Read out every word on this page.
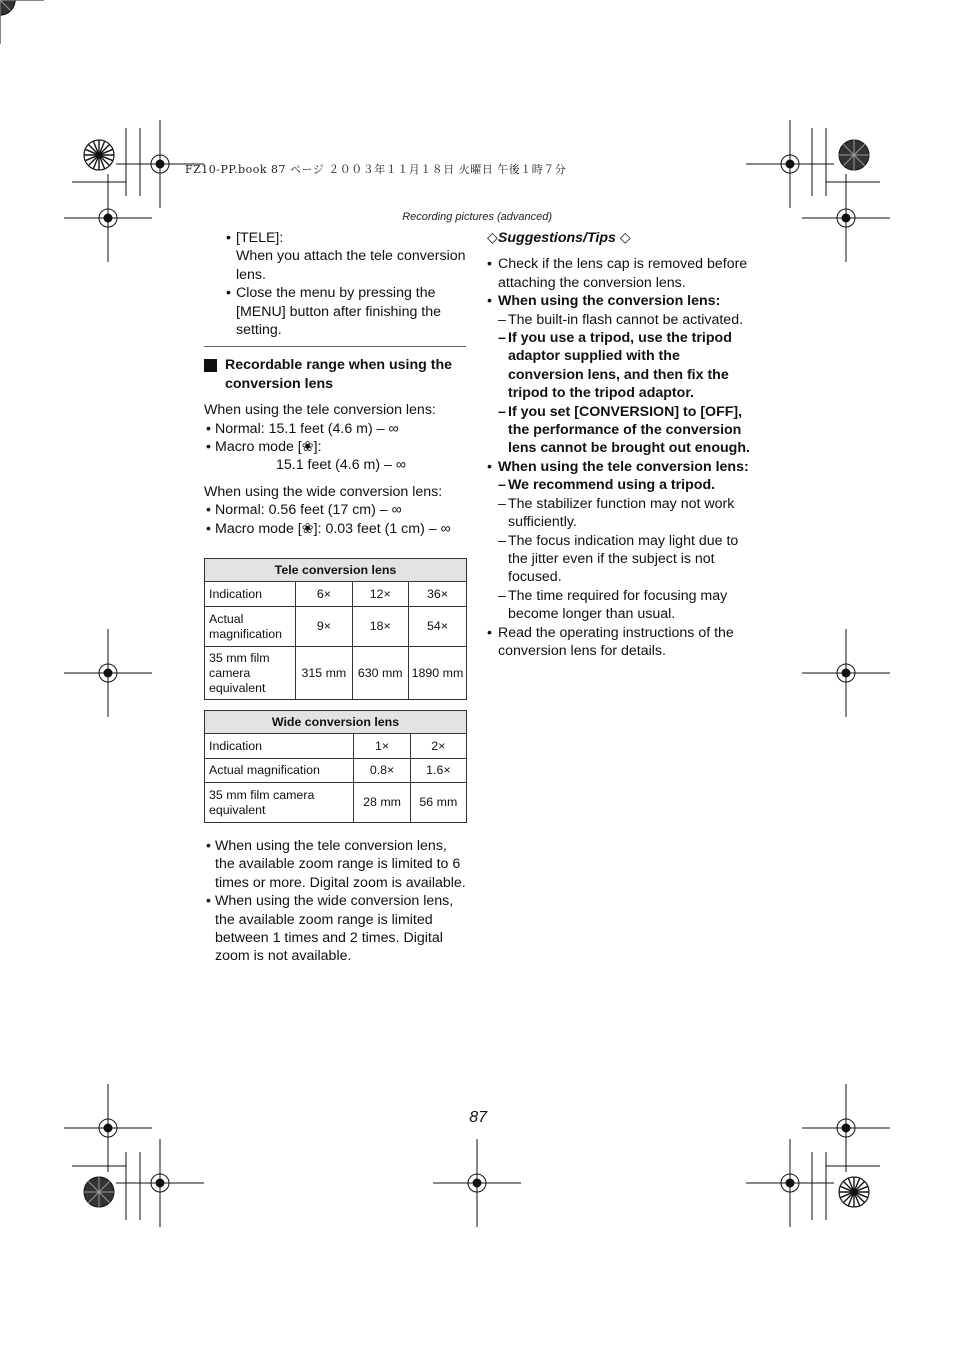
FZ10-PP.book 87 ページ ２００３年１１月１８日 火曜日 午後１時７分
Recording pictures (advanced)
• [TELE]:
When you attach the tele conversion lens.
• Close the menu by pressing the [MENU] button after finishing the setting.
Recordable range when using the conversion lens
When using the tele conversion lens:
• Normal: 15.1 feet (4.6 m) – ∞
• Macro mode [❀]:
15.1 feet (4.6 m) – ∞
When using the wide conversion lens:
• Normal: 0.56 feet (17 cm) – ∞
• Macro mode [❀]: 0.03 feet (1 cm) – ∞
Tele conversion lens			
Indication	6×	12×	36×
Actual magnification	9×	18×	54×
35 mm film camera equivalent	315 mm	630 mm	1890 mm
Wide conversion lens		
Indication	1×	2×
Actual magnification	0.8×	1.6×
35 mm film camera equivalent	28 mm	56 mm
• When using the tele conversion lens, the available zoom range is limited to 6 times or more. Digital zoom is available.
• When using the wide conversion lens, the available zoom range is limited between 1 times and 2 times. Digital zoom is not available.
◇Suggestions/Tips ◇
• Check if the lens cap is removed before attaching the conversion lens.
• When using the conversion lens:
– The built-in flash cannot be activated.
– If you use a tripod, use the tripod adaptor supplied with the conversion lens, and then fix the tripod to the tripod adaptor.
– If you set [CONVERSION] to [OFF], the performance of the conversion lens cannot be brought out enough.
• When using the tele conversion lens:
– We recommend using a tripod.
– The stabilizer function may not work sufficiently.
– The focus indication may light due to the jitter even if the subject is not focused.
– The time required for focusing may become longer than usual.
• Read the operating instructions of the conversion lens for details.
87
